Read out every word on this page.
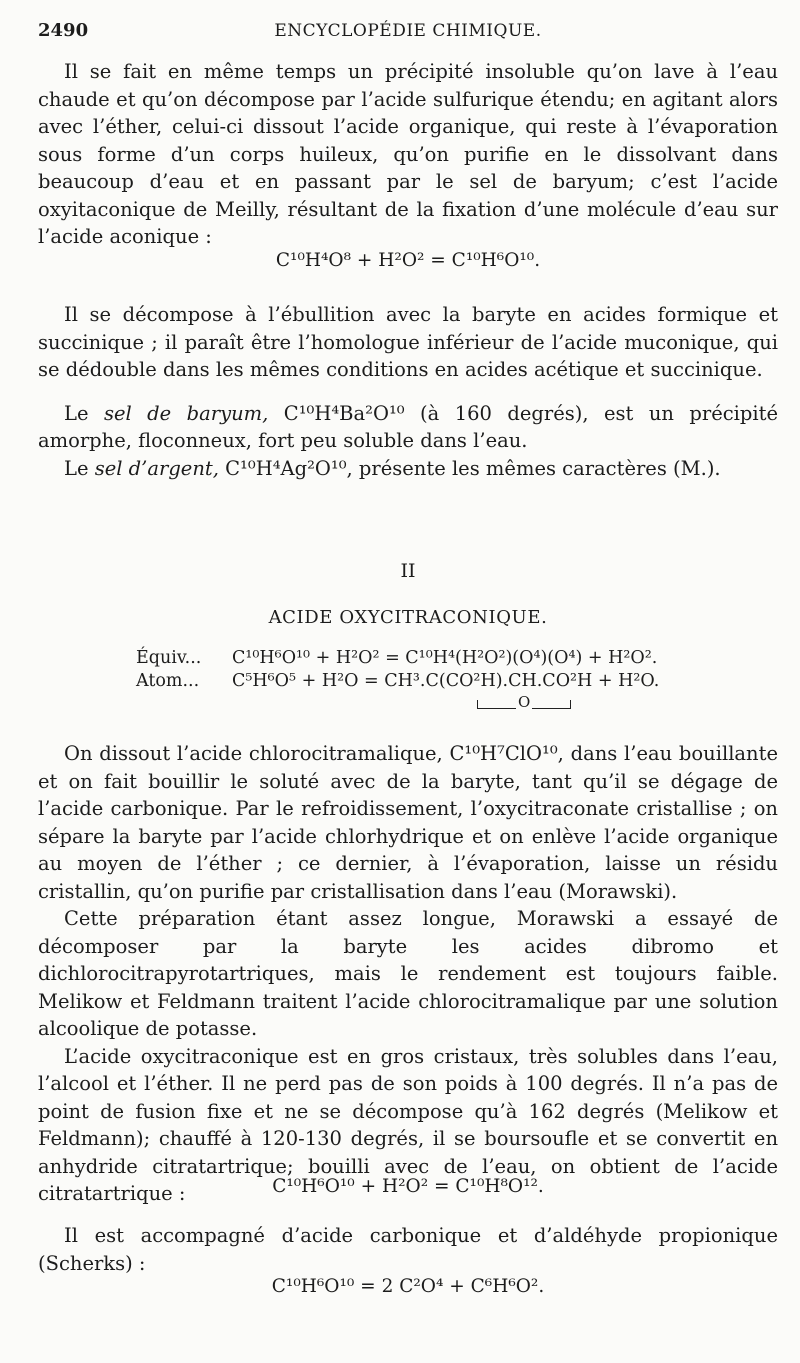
2490	ENCYCLOPÉDIE CHIMIQUE.

Il se fait en même temps un précipité insoluble qu’on lave à l’eau chaude et qu’on décompose par l’acide sulfurique étendu; en agitant alors avec l’éther, celui-ci dissout l’acide organique, qui reste à l’évaporation sous forme d’un corps huileux, qu’on purifie en le dissolvant dans beaucoup d’eau et en passant par le sel de baryum; c’est l’acide oxyitaconique de Meilly, résultant de la fixation d’une molécule d’eau sur l’acide aconique :

C¹⁰H⁴O⁸ + H²O² = C¹⁰H⁶O¹⁰.

Il se décompose à l’ébullition avec la baryte en acides formique et succinique ; il paraît être l’homologue inférieur de l’acide muconique, qui se dédouble dans les mêmes conditions en acides acétique et succinique.

Le sel de baryum, C¹⁰H⁴Ba²O¹⁰ (à 160 degrés), est un précipité amorphe, floconneux, fort peu soluble dans l’eau.

Le sel d’argent, C¹⁰H⁴Ag²O¹⁰, présente les mêmes caractères (M.).

II
ACIDE OXYCITRACONIQUE.
Équiv... C¹⁰H⁶O¹⁰ + H²O² = C¹⁰H⁴(H²O²)(O⁴)(O⁴) + H²O².
Atom... C⁵H⁶O⁵ + H²O = CH³.C(CO²H).CH.CO²H + H²O.
O

On dissout l’acide chlorocitramalique, C¹⁰H⁷ClO¹⁰, dans l’eau bouillante et on fait bouillir le soluté avec de la baryte, tant qu’il se dégage de l’acide carbonique. Par le refroidissement, l’oxycitraconate cristallise ; on sépare la baryte par l’acide chlorhydrique et on enlève l’acide organique au moyen de l’éther ; ce dernier, à l’évaporation, laisse un résidu cristallin, qu’on purifie par cristallisation dans l’eau (Morawski).

Cette préparation étant assez longue, Morawski a essayé de décomposer par la baryte les acides dibromo et dichlorocitrapyrotartriques, mais le rendement est toujours faible. Melikow et Feldmann traitent l’acide chlorocitramalique par une solution alcoolique de potasse.

L’acide oxycitraconique est en gros cristaux, très solubles dans l’eau, l’alcool et l’éther. Il ne perd pas de son poids à 100 degrés. Il n’a pas de point de fusion fixe et ne se décompose qu’à 162 degrés (Melikow et Feldmann); chauffé à 120-130 degrés, il se boursoufle et se convertit en anhydride citratartrique; bouilli avec de l’eau, on obtient de l’acide citratartrique :	C¹⁰H⁶O¹⁰ + H²O² = C¹⁰H⁸O¹².

Il est accompagné d’acide carbonique et d’aldéhyde propionique (Scherks) :

C¹⁰H⁶O¹⁰ = 2 C²O⁴ + C⁶H⁶O².
